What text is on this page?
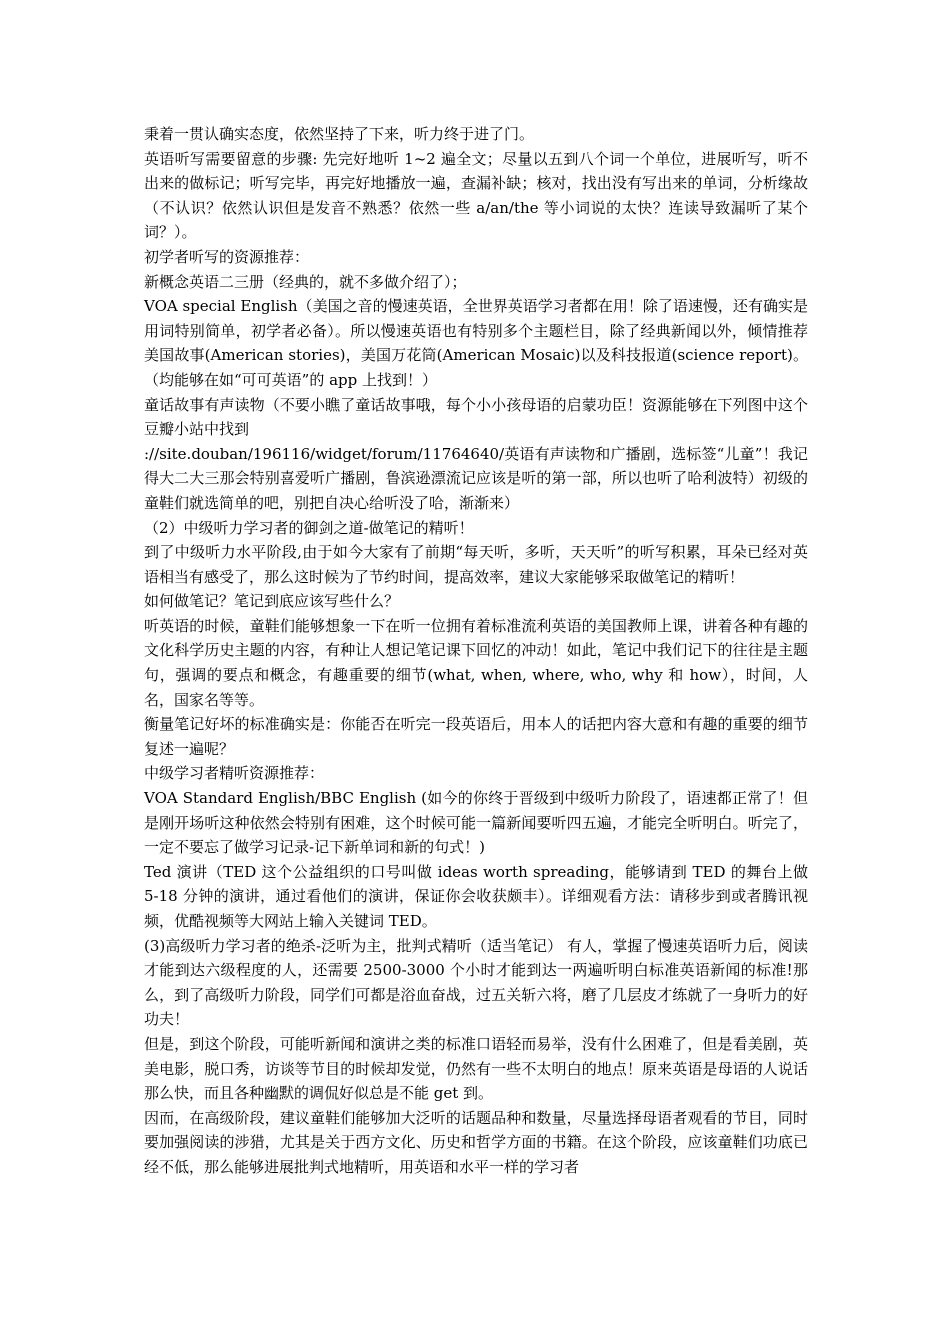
秉着一贯认确实态度，依然坚持了下来，听力终于进了门。

英语听写需要留意的步骤: 先完好地听 1~2 遍全文；尽量以五到八个词一个单位，进展听写，听不出来的做标记；听写完毕，再完好地播放一遍，查漏补缺；核对，找出没有写出来的单词，分析缘故（不认识？依然认识但是发音不熟悉？依然一些 a/an/the 等小词说的太快？连读导致漏听了某个词？）。

初学者听写的资源推荐：

新概念英语二三册（经典的，就不多做介绍了）；

VOA special English（美国之音的慢速英语，全世界英语学习者都在用！除了语速慢，还有确实是用词特别简单，初学者必备）。所以慢速英语也有特别多个主题栏目，除了经典新闻以外，倾情推荐美国故事(American stories)，美国万花筒(American Mosaic)以及科技报道(science report)。（均能够在如“可可英语”的 app 上找到！）

童话故事有声读物（不要小瞧了童话故事哦，每个小小孩母语的启蒙功臣！资源能够在下列图中这个豆瓣小站中找到

://site.douban/196116/widget/forum/11764640/英语有声读物和广播剧，选标签“儿童”！我记得大二大三那会特别喜爱听广播剧，鲁滨逊漂流记应该是听的第一部，所以也听了哈利波特）初级的童鞋们就选简单的吧，别把自决心给听没了哈，渐渐来）

（2）中级听力学习者的御剑之道-做笔记的精听！

到了中级听力水平阶段,由于如今大家有了前期“每天听，多听，天天听”的听写积累，耳朵已经对英语相当有感受了，那么这时候为了节约时间，提高效率，建议大家能够采取做笔记的精听！

如何做笔记？笔记到底应该写些什么？

听英语的时候，童鞋们能够想象一下在听一位拥有着标准流利英语的美国教师上课，讲着各种有趣的文化科学历史主题的内容，有种让人想记笔记课下回忆的冲动！如此，笔记中我们记下的往往是主题句，强调的要点和概念，有趣重要的细节(what, when, where, who, why 和 how），时间，人名，国家名等等。

衡量笔记好坏的标准确实是：你能否在听完一段英语后，用本人的话把内容大意和有趣的重要的细节复述一遍呢？

中级学习者精听资源推荐：

VOA Standard English/BBC English (如今的你终于晋级到中级听力阶段了，语速都正常了！但是刚开场听这种依然会特别有困难，这个时候可能一篇新闻要听四五遍，才能完全听明白。听完了，一定不要忘了做学习记录-记下新单词和新的句式！)

Ted 演讲（TED 这个公益组织的口号叫做 ideas worth spreading，能够请到 TED 的舞台上做 5-18 分钟的演讲，通过看他们的演讲，保证你会收获颇丰）。详细观看方法：请移步到或者腾讯视频，优酷视频等大网站上输入关键词 TED。

(3)高级听力学习者的绝杀-泛听为主，批判式精听（适当笔记） 有人，掌握了慢速英语听力后，阅读才能到达六级程度的人，还需要 2500-3000 个小时才能到达一两遍听明白标准英语新闻的标准!那么，到了高级听力阶段，同学们可都是浴血奋战，过五关斩六将，磨了几层皮才练就了一身听力的好功夫！

但是，到这个阶段，可能听新闻和演讲之类的标准口语轻而易举，没有什么困难了，但是看美剧，英美电影，脱口秀，访谈等节目的时候却发觉，仍然有一些不太明白的地点！原来英语是母语的人说话那么快，而且各种幽默的调侃好似总是不能 get 到。

因而，在高级阶段，建议童鞋们能够加大泛听的话题品种和数量，尽量选择母语者观看的节目，同时要加强阅读的涉猎，尤其是关于西方文化、历史和哲学方面的书籍。在这个阶段，应该童鞋们功底已经不低，那么能够进展批判式地精听，用英语和水平一样的学习者
